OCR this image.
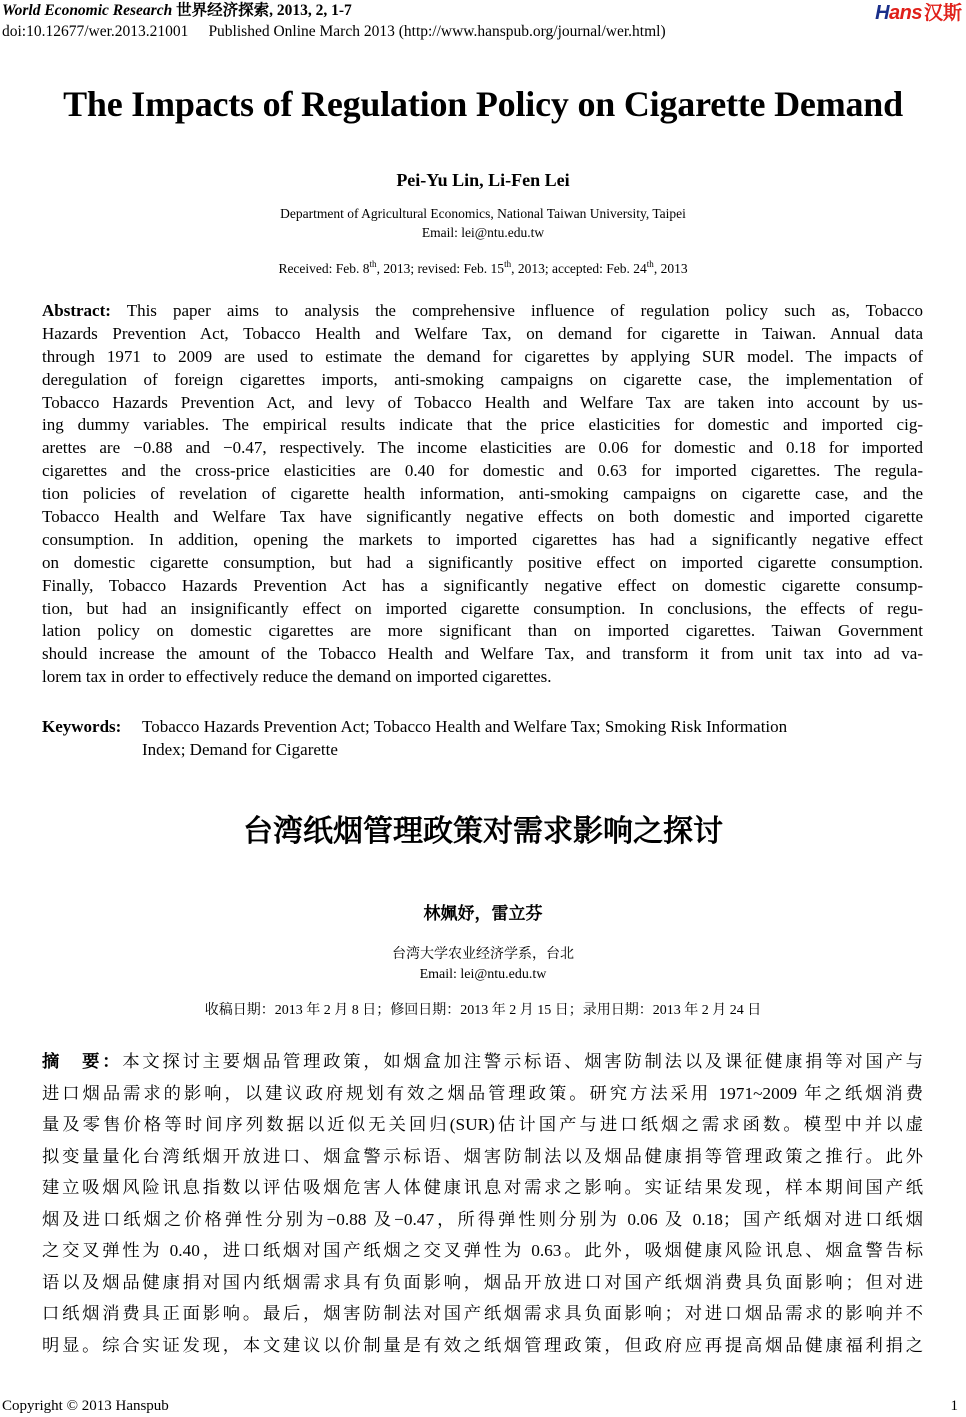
World Economic Research 世界经济探索, 2013, 2, 1-7
doi:10.12677/wer.2013.21001 Published Online March 2013 (http://www.hanspub.org/journal/wer.html)
Hans 汉斯
The Impacts of Regulation Policy on Cigarette Demand
Pei-Yu Lin, Li-Fen Lei
Department of Agricultural Economics, National Taiwan University, Taipei
Email: lei@ntu.edu.tw
Received: Feb. 8th, 2013; revised: Feb. 15th, 2013; accepted: Feb. 24th, 2013
Abstract: This paper aims to analysis the comprehensive influence of regulation policy such as, Tobacco
Hazards Prevention Act, Tobacco Health and Welfare Tax, on demand for cigarette in Taiwan. Annual data
through 1971 to 2009 are used to estimate the demand for cigarettes by applying SUR model. The impacts of
deregulation of foreign cigarettes imports, anti-smoking campaigns on cigarette case, the implementation of
Tobacco Hazards Prevention Act, and levy of Tobacco Health and Welfare Tax are taken into account by us-
ing dummy variables. The empirical results indicate that the price elasticities for domestic and imported cig-
arettes are −0.88 and −0.47, respectively. The income elasticities are 0.06 for domestic and 0.18 for imported
cigarettes and the cross-price elasticities are 0.40 for domestic and 0.63 for imported cigarettes. The regula-
tion policies of revelation of cigarette health information, anti-smoking campaigns on cigarette case, and the
Tobacco Health and Welfare Tax have significantly negative effects on both domestic and imported cigarette
consumption. In addition, opening the markets to imported cigarettes has had a significantly negative effect
on domestic cigarette consumption, but had a significantly positive effect on imported cigarette consumption.
Finally, Tobacco Hazards Prevention Act has a significantly negative effect on domestic cigarette consump-
tion, but had an insignificantly effect on imported cigarette consumption. In conclusions, the effects of regu-
lation policy on domestic cigarettes are more significant than on imported cigarettes. Taiwan Government
should increase the amount of the Tobacco Health and Welfare Tax, and transform it from unit tax into ad va-
lorem tax in order to effectively reduce the demand on imported cigarettes.
Keywords: Tobacco Hazards Prevention Act; Tobacco Health and Welfare Tax; Smoking Risk Information
Index; Demand for Cigarette
台湾纸烟管理政策对需求影响之探讨
林姵妤，雷立芬
台湾大学农业经济学系，台北
Email: lei@ntu.edu.tw
收稿日期：2013 年 2 月 8 日；修回日期：2013 年 2 月 15 日；录用日期：2013 年 2 月 24 日
摘　要：本文探讨主要烟品管理政策，如烟盒加注警示标语、烟害防制法以及课征健康捐等对国产与
进口烟品需求的影响，以建议政府规划有效之烟品管理政策。研究方法采用 1971~2009 年之纸烟消费
量及零售价格等时间序列数据以近似无关回归(SUR)估计国产与进口纸烟之需求函数。模型中并以虚
拟变量量化台湾纸烟开放进口、烟盒警示标语、烟害防制法以及烟品健康捐等管理政策之推行。此外
建立吸烟风险讯息指数以评估吸烟危害人体健康讯息对需求之影响。实证结果发现，样本期间国产纸
烟及进口纸烟之价格弹性分别为−0.88 及−0.47，所得弹性则分别为 0.06 及 0.18；国产纸烟对进口纸烟
之交叉弹性为 0.40，进口纸烟对国产纸烟之交叉弹性为 0.63。此外，吸烟健康风险讯息、烟盒警告标
语以及烟品健康捐对国内纸烟需求具有负面影响，烟品开放进口对国产纸烟消费具负面影响；但对进
口纸烟消费具正面影响。最后，烟害防制法对国产纸烟需求具负面影响；对进口烟品需求的影响并不
明显。综合实证发现，本文建议以价制量是有效之纸烟管理政策，但政府应再提高烟品健康福利捐之
Copyright © 2013 Hanspub	1
